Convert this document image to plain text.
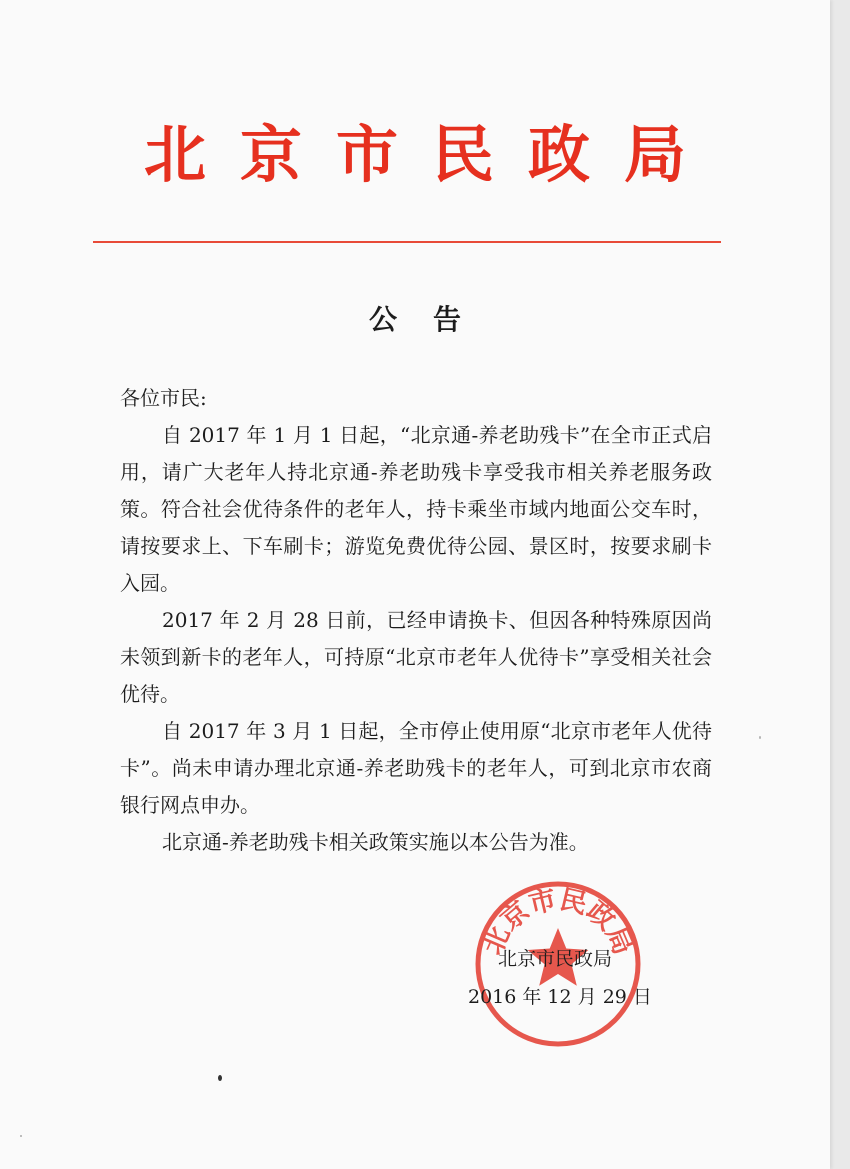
北京市民政局
公告

各位市民:

自 2017 年 1 月 1 日起，“北京通-养老助残卡”在全市正式启用，请广大老年人持北京通-养老助残卡享受我市相关养老服务政策。符合社会优待条件的老年人，持卡乘坐市域内地面公交车时，请按要求上、下车刷卡；游览免费优待公园、景区时，按要求刷卡入园。

2017 年 2 月 28 日前，已经申请换卡、但因各种特殊原因尚未领到新卡的老年人，可持原“北京市老年人优待卡”享受相关社会优待。

自 2017 年 3 月 1 日起，全市停止使用原“北京市老年人优待卡”。尚未申请办理北京通-养老助残卡的老年人，可到北京市农商银行网点申办。

北京通-养老助残卡相关政策实施以本公告为准。

北京市民政局
北京市民政局
2016 年 12 月 29 日
